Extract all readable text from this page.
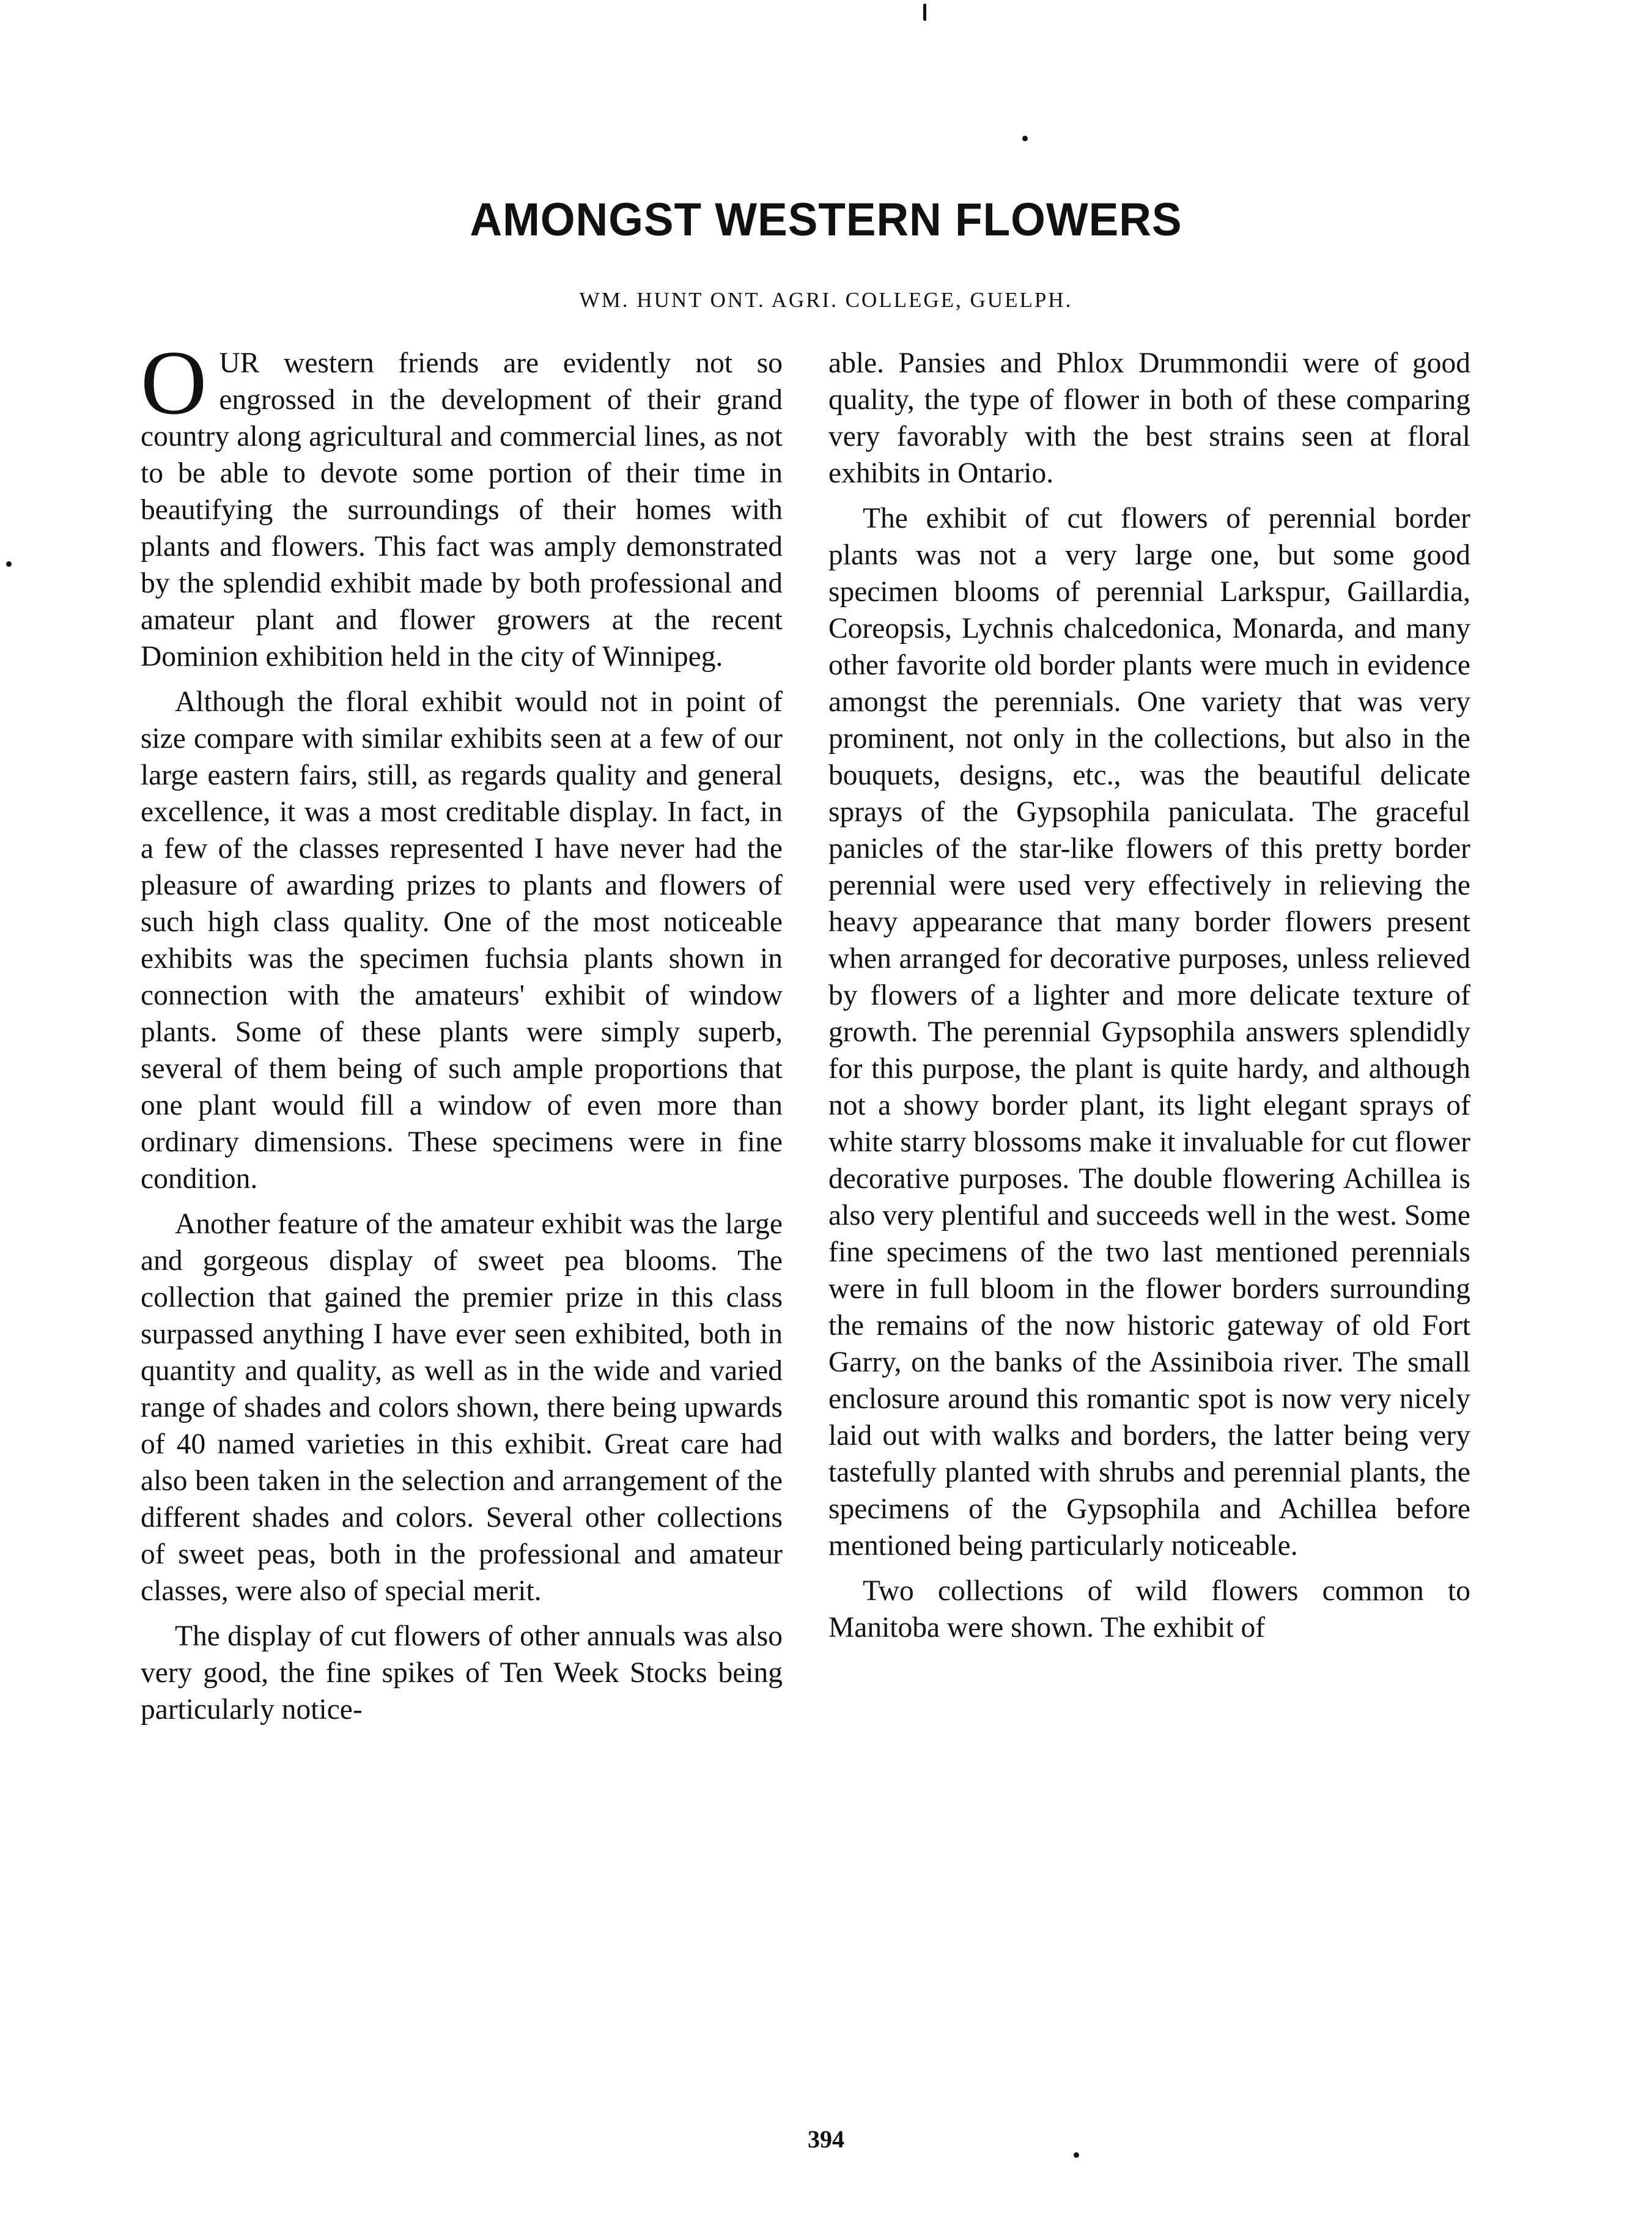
AMONGST WESTERN FLOWERS
WM. HUNT ONT. AGRI. COLLEGE, GUELPH.

OUR western friends are evidently not so engrossed in the development of their grand country along agricultural and commercial lines, as not to be able to devote some portion of their time in beautifying the surroundings of their homes with plants and flowers. This fact was amply demonstrated by the splendid exhibit made by both professional and amateur plant and flower growers at the recent Dominion exhibition held in the city of Winnipeg.

Although the floral exhibit would not in point of size compare with similar exhibits seen at a few of our large eastern fairs, still, as regards quality and general excellence, it was a most creditable display. In fact, in a few of the classes represented I have never had the pleasure of awarding prizes to plants and flowers of such high class quality. One of the most noticeable exhibits was the specimen fuchsia plants shown in connection with the amateurs' exhibit of window plants. Some of these plants were simply superb, several of them being of such ample proportions that one plant would fill a window of even more than ordinary dimensions. These specimens were in fine condition.

Another feature of the amateur exhibit was the large and gorgeous display of sweet pea blooms. The collection that gained the premier prize in this class surpassed anything I have ever seen exhibited, both in quantity and quality, as well as in the wide and varied range of shades and colors shown, there being upwards of 40 named varieties in this exhibit. Great care had also been taken in the selection and arrangement of the different shades and colors. Several other collections of sweet peas, both in the professional and amateur classes, were also of special merit.

The display of cut flowers of other annuals was also very good, the fine spikes of Ten Week Stocks being particularly notice-

able. Pansies and Phlox Drummondii were of good quality, the type of flower in both of these comparing very favorably with the best strains seen at floral exhibits in Ontario.

The exhibit of cut flowers of perennial border plants was not a very large one, but some good specimen blooms of perennial Larkspur, Gaillardia, Coreopsis, Lychnis chalcedonica, Monarda, and many other favorite old border plants were much in evidence amongst the perennials. One variety that was very prominent, not only in the collections, but also in the bouquets, designs, etc., was the beautiful delicate sprays of the Gypsophila paniculata. The graceful panicles of the star-like flowers of this pretty border perennial were used very effectively in relieving the heavy appearance that many border flowers present when arranged for decorative purposes, unless relieved by flowers of a lighter and more delicate texture of growth. The perennial Gypsophila answers splendidly for this purpose, the plant is quite hardy, and although not a showy border plant, its light elegant sprays of white starry blossoms make it invaluable for cut flower decorative purposes. The double flowering Achillea is also very plentiful and succeeds well in the west. Some fine specimens of the two last mentioned perennials were in full bloom in the flower borders surrounding the remains of the now historic gateway of old Fort Garry, on the banks of the Assiniboia river. The small enclosure around this romantic spot is now very nicely laid out with walks and borders, the latter being very tastefully planted with shrubs and perennial plants, the specimens of the Gypsophila and Achillea before mentioned being particularly noticeable.

Two collections of wild flowers common to Manitoba were shown. The exhibit of

394
